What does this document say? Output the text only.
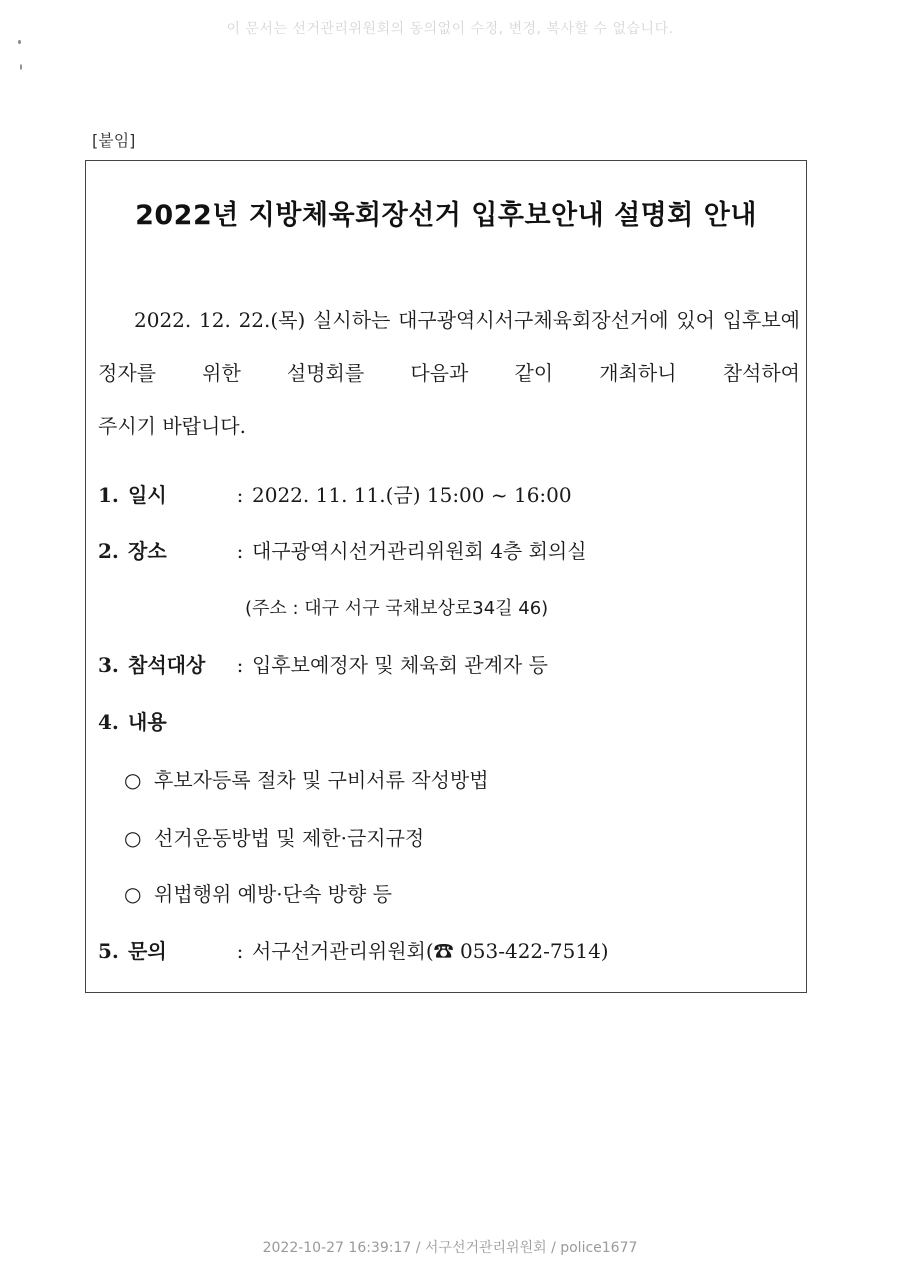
이 문서는 선거관리위원회의 동의없이 수정, 변경, 복사할 수 없습니다.
[붙임]
2022년 지방체육회장선거 입후보안내 설명회 안내
2022. 12. 22.(목) 실시하는 대구광역시서구체육회장선거에 있어 입후보예정자를 위한 설명회를 다음과 같이 개최하니 참석하여
주시기 바랍니다.
1. 일시	: 2022. 11. 11.(금) 15:00 ~ 16:00
2. 장소	: 대구광역시선거관리위원회 4층 회의실
(주소 : 대구 서구 국채보상로34길 46)
3. 참석대상 : 입후보예정자 및 체육회 관계자 등
4. 내용
○ 후보자등록 절차 및 구비서류 작성방법
○ 선거운동방법 및 제한·금지규정
○ 위법행위 예방·단속 방향 등
5. 문의	: 서구선거관리위원회(☎ 053-422-7514)
2022-10-27 16:39:17 / 서구선거관리위원회 / police1677
